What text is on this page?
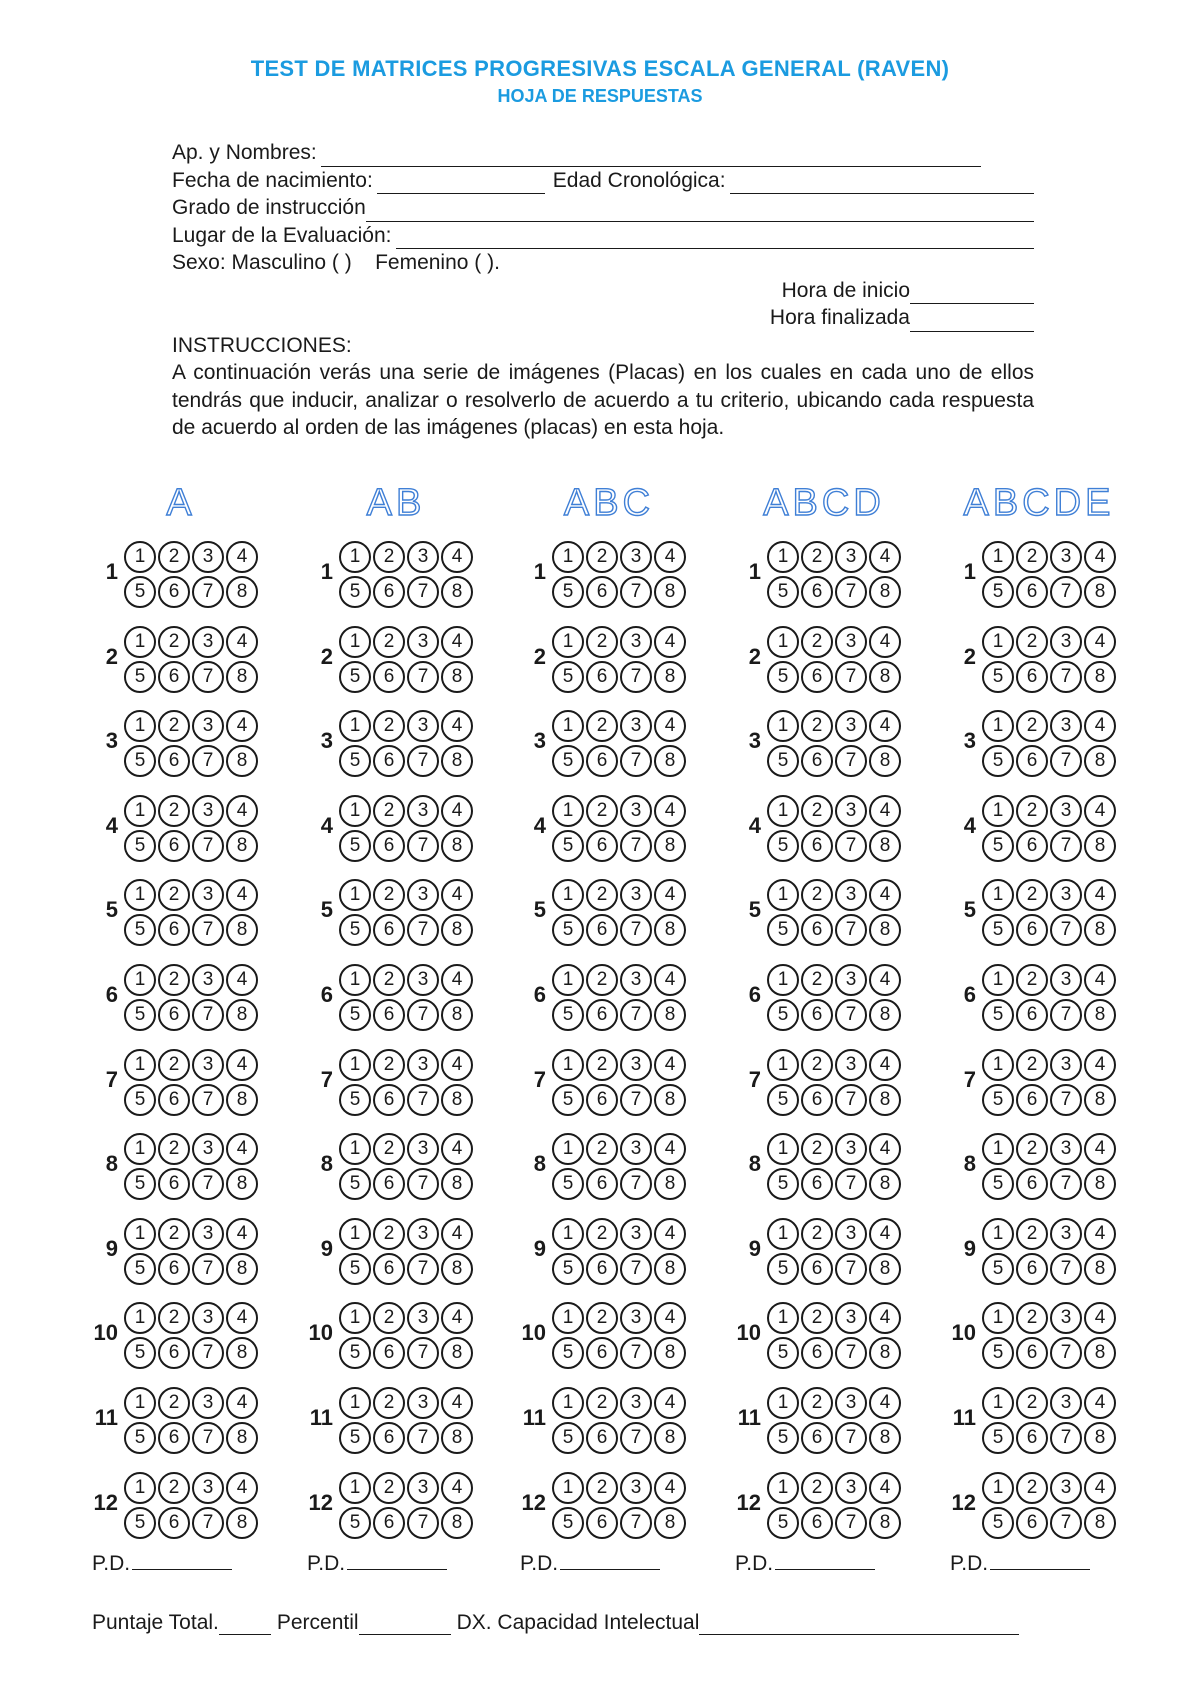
TEST DE MATRICES PROGRESIVAS ESCALA GENERAL (RAVEN)
HOJA DE RESPUESTAS
Ap. y Nombres:
Fecha de nacimiento:	Edad Cronológica:
Grado de instrucción
Lugar de la Evaluación:
Sexo: Masculino ( )    Femenino ( ).
Hora de inicio
Hora finalizada
INSTRUCCIONES:
A continuación verás una serie de imágenes (Placas) en los cuales en cada uno de ellos tendrás que inducir, analizar o resolverlo de acuerdo a tu criterio, ubicando cada respuesta de acuerdo al orden de las imágenes (placas) en esta hoja.
A
1
1	2	3	4
5	6	7	8
2
1	2	3	4
5	6	7	8
3
1	2	3	4
5	6	7	8
4
1	2	3	4
5	6	7	8
5
1	2	3	4
5	6	7	8
6
1	2	3	4
5	6	7	8
7
1	2	3	4
5	6	7	8
8
1	2	3	4
5	6	7	8
9
1	2	3	4
5	6	7	8
10
1	2	3	4
5	6	7	8
11
1	2	3	4
5	6	7	8
12
1	2	3	4
5	6	7	8
P.D.
AB
1
1	2	3	4
5	6	7	8
2
1	2	3	4
5	6	7	8
3
1	2	3	4
5	6	7	8
4
1	2	3	4
5	6	7	8
5
1	2	3	4
5	6	7	8
6
1	2	3	4
5	6	7	8
7
1	2	3	4
5	6	7	8
8
1	2	3	4
5	6	7	8
9
1	2	3	4
5	6	7	8
10
1	2	3	4
5	6	7	8
11
1	2	3	4
5	6	7	8
12
1	2	3	4
5	6	7	8
P.D.
ABC
1
1	2	3	4
5	6	7	8
2
1	2	3	4
5	6	7	8
3
1	2	3	4
5	6	7	8
4
1	2	3	4
5	6	7	8
5
1	2	3	4
5	6	7	8
6
1	2	3	4
5	6	7	8
7
1	2	3	4
5	6	7	8
8
1	2	3	4
5	6	7	8
9
1	2	3	4
5	6	7	8
10
1	2	3	4
5	6	7	8
11
1	2	3	4
5	6	7	8
12
1	2	3	4
5	6	7	8
P.D.
ABCD
1
1	2	3	4
5	6	7	8
2
1	2	3	4
5	6	7	8
3
1	2	3	4
5	6	7	8
4
1	2	3	4
5	6	7	8
5
1	2	3	4
5	6	7	8
6
1	2	3	4
5	6	7	8
7
1	2	3	4
5	6	7	8
8
1	2	3	4
5	6	7	8
9
1	2	3	4
5	6	7	8
10
1	2	3	4
5	6	7	8
11
1	2	3	4
5	6	7	8
12
1	2	3	4
5	6	7	8
P.D.
ABCDE
1
1	2	3	4
5	6	7	8
2
1	2	3	4
5	6	7	8
3
1	2	3	4
5	6	7	8
4
1	2	3	4
5	6	7	8
5
1	2	3	4
5	6	7	8
6
1	2	3	4
5	6	7	8
7
1	2	3	4
5	6	7	8
8
1	2	3	4
5	6	7	8
9
1	2	3	4
5	6	7	8
10
1	2	3	4
5	6	7	8
11
1	2	3	4
5	6	7	8
12
1	2	3	4
5	6	7	8
P.D.
Puntaje Total.	Percentil	DX. Capacidad Intelectual
